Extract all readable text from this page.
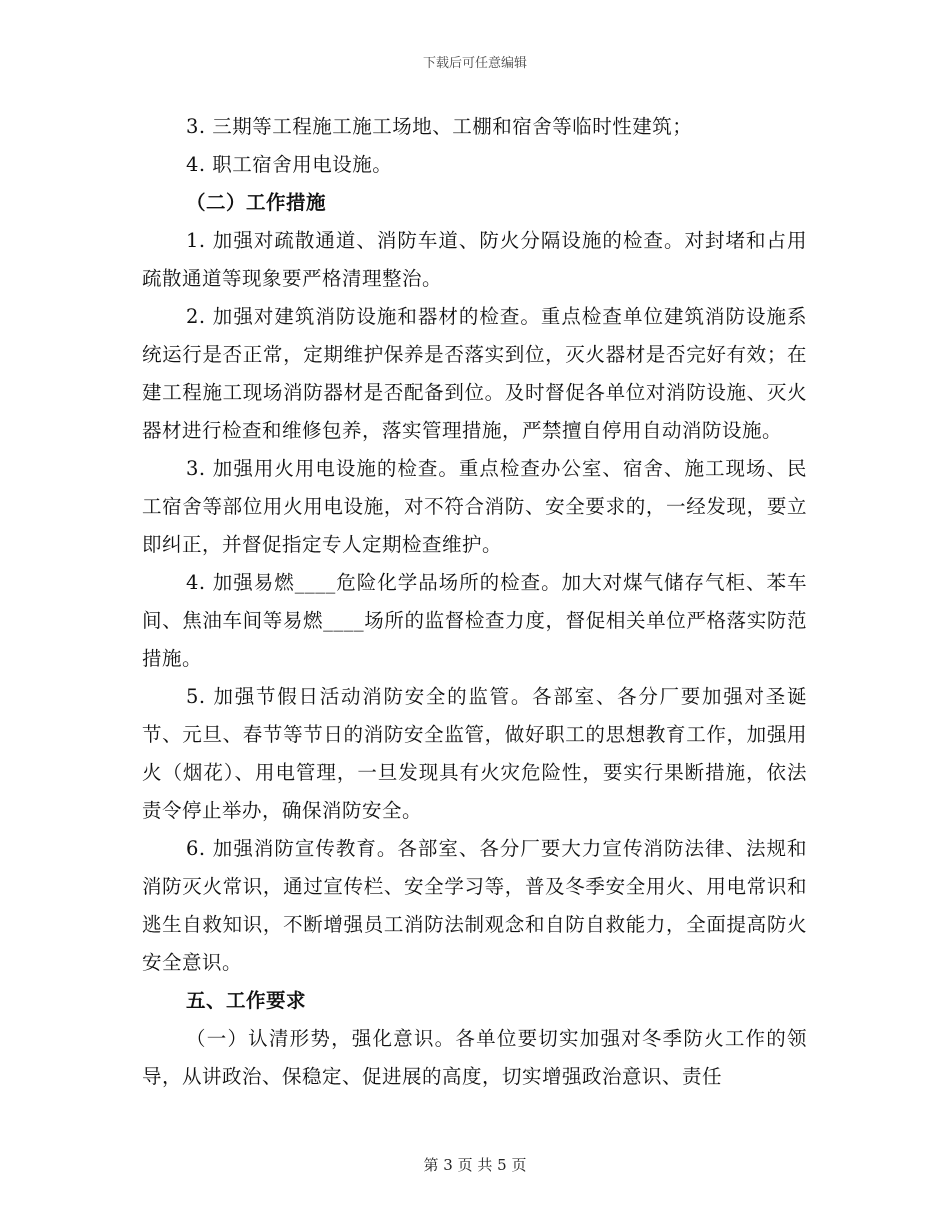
下载后可任意编辑

3. 三期等工程施工施工场地、工棚和宿舍等临时性建筑；

4. 职工宿舍用电设施。

（二）工作措施

1. 加强对疏散通道、消防车道、防火分隔设施的检查。对封堵和占用疏散通道等现象要严格清理整治。

2. 加强对建筑消防设施和器材的检查。重点检查单位建筑消防设施系统运行是否正常，定期维护保养是否落实到位，灭火器材是否完好有效；在建工程施工现场消防器材是否配备到位。及时督促各单位对消防设施、灭火器材进行检查和维修包养，落实管理措施，严禁擅自停用自动消防设施。

3. 加强用火用电设施的检查。重点检查办公室、宿舍、施工现场、民工宿舍等部位用火用电设施，对不符合消防、安全要求的，一经发现，要立即纠正，并督促指定专人定期检查维护。

4. 加强易燃____危险化学品场所的检查。加大对煤气储存气柜、苯车间、焦油车间等易燃____场所的监督检查力度，督促相关单位严格落实防范措施。

5. 加强节假日活动消防安全的监管。各部室、各分厂要加强对圣诞节、元旦、春节等节日的消防安全监管，做好职工的思想教育工作，加强用火（烟花）、用电管理，一旦发现具有火灾危险性，要实行果断措施，依法责令停止举办，确保消防安全。

6. 加强消防宣传教育。各部室、各分厂要大力宣传消防法律、法规和消防灭火常识，通过宣传栏、安全学习等，普及冬季安全用火、用电常识和逃生自救知识，不断增强员工消防法制观念和自防自救能力，全面提高防火安全意识。

五、工作要求

（一）认清形势，强化意识。各单位要切实加强对冬季防火工作的领导，从讲政治、保稳定、促进展的高度，切实增强政治意识、责任

第 3 页 共 5 页
